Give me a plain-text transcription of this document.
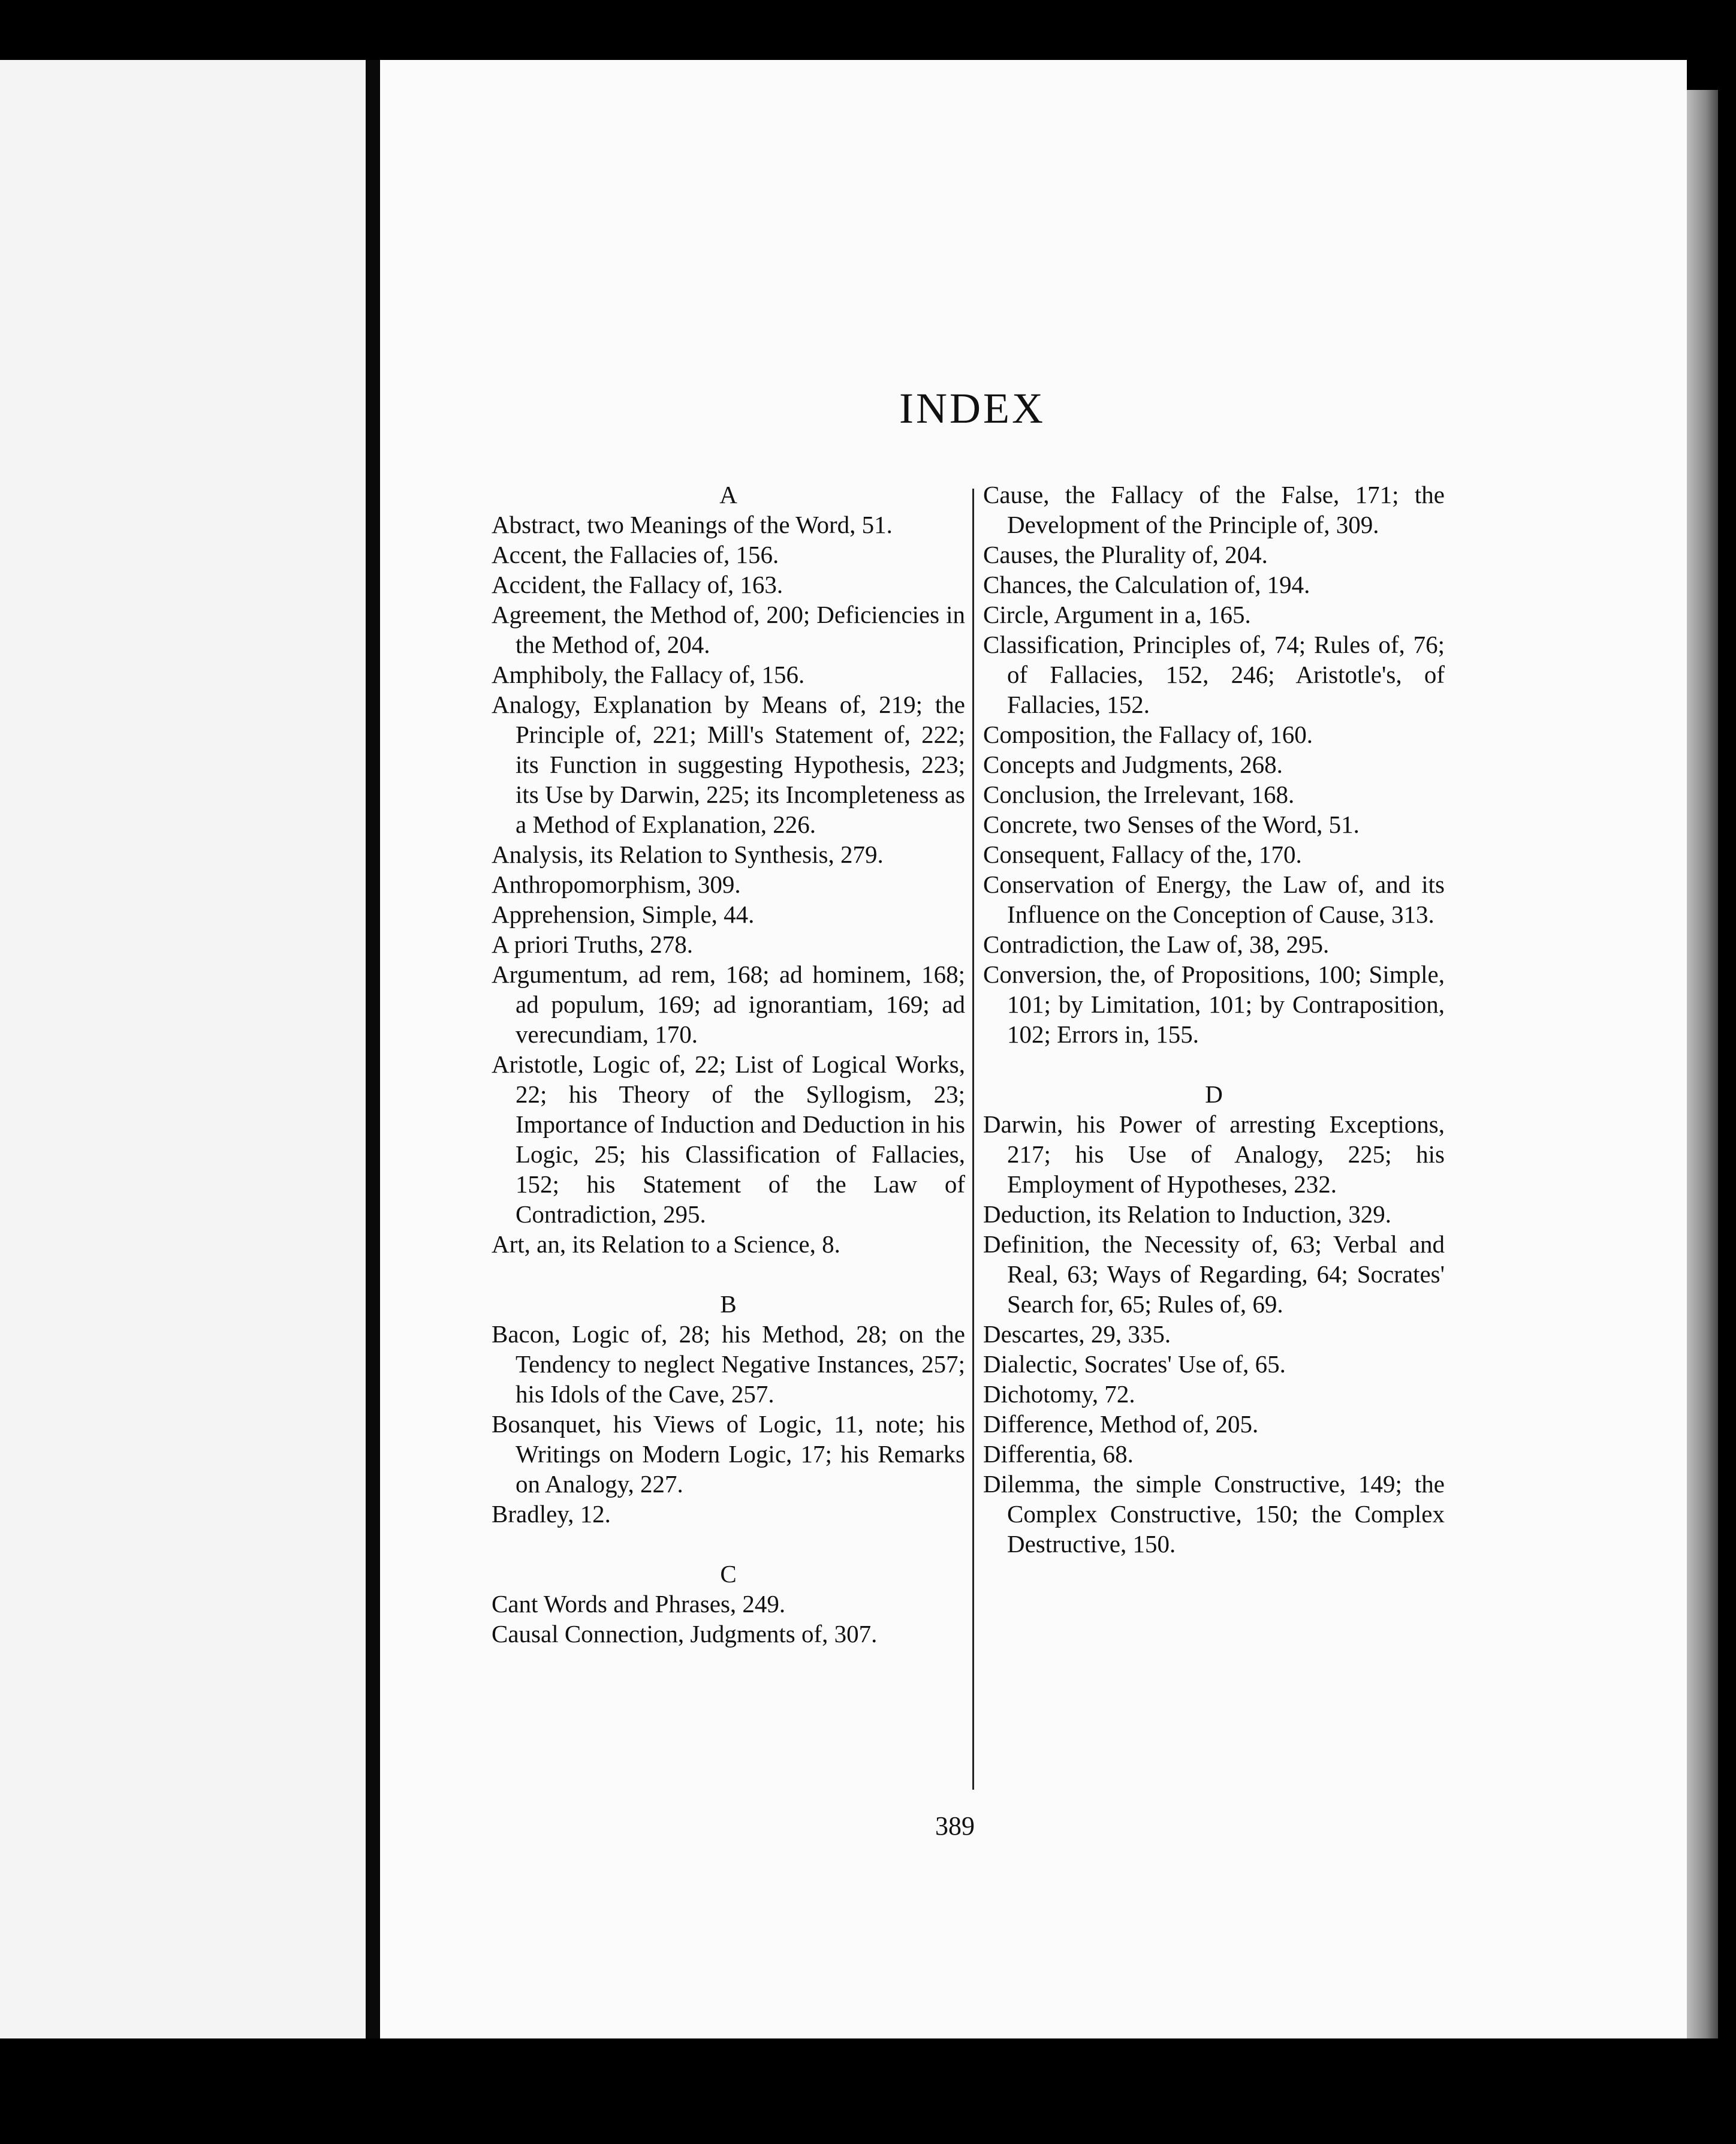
INDEX
A

Abstract, two Meanings of the Word, 51.

Accent, the Fallacies of, 156.

Accident, the Fallacy of, 163.

Agreement, the Method of, 200; Deficiencies in the Method of, 204.

Amphiboly, the Fallacy of, 156.

Analogy, Explanation by Means of, 219; the Principle of, 221; Mill's Statement of, 222; its Function in suggesting Hypothesis, 223; its Use by Darwin, 225; its Incompleteness as a Method of Explanation, 226.

Analysis, its Relation to Synthesis, 279.

Anthropomorphism, 309.

Apprehension, Simple, 44.

A priori Truths, 278.

Argumentum, ad rem, 168; ad hominem, 168; ad populum, 169; ad ignorantiam, 169; ad verecundiam, 170.

Aristotle, Logic of, 22; List of Logical Works, 22; his Theory of the Syllogism, 23; Importance of Induction and Deduction in his Logic, 25; his Classification of Fallacies, 152; his Statement of the Law of Contradiction, 295.

Art, an, its Relation to a Science, 8.

B

Bacon, Logic of, 28; his Method, 28; on the Tendency to neglect Negative Instances, 257; his Idols of the Cave, 257.

Bosanquet, his Views of Logic, 11, note; his Writings on Modern Logic, 17; his Remarks on Analogy, 227.

Bradley, 12.

C

Cant Words and Phrases, 249.

Causal Connection, Judgments of, 307.

Cause, the Fallacy of the False, 171; the Development of the Principle of, 309.

Causes, the Plurality of, 204.

Chances, the Calculation of, 194.

Circle, Argument in a, 165.

Classification, Principles of, 74; Rules of, 76; of Fallacies, 152, 246; Aristotle's, of Fallacies, 152.

Composition, the Fallacy of, 160.

Concepts and Judgments, 268.

Conclusion, the Irrelevant, 168.

Concrete, two Senses of the Word, 51.

Consequent, Fallacy of the, 170.

Conservation of Energy, the Law of, and its Influence on the Conception of Cause, 313.

Contradiction, the Law of, 38, 295.

Conversion, the, of Propositions, 100; Simple, 101; by Limitation, 101; by Contraposition, 102; Errors in, 155.

D

Darwin, his Power of arresting Exceptions, 217; his Use of Analogy, 225; his Employment of Hypotheses, 232.

Deduction, its Relation to Induction, 329.

Definition, the Necessity of, 63; Verbal and Real, 63; Ways of Regarding, 64; Socrates' Search for, 65; Rules of, 69.

Descartes, 29, 335.

Dialectic, Socrates' Use of, 65.

Dichotomy, 72.

Difference, Method of, 205.

Differentia, 68.

Dilemma, the simple Constructive, 149; the Complex Constructive, 150; the Complex Destructive, 150.

389
